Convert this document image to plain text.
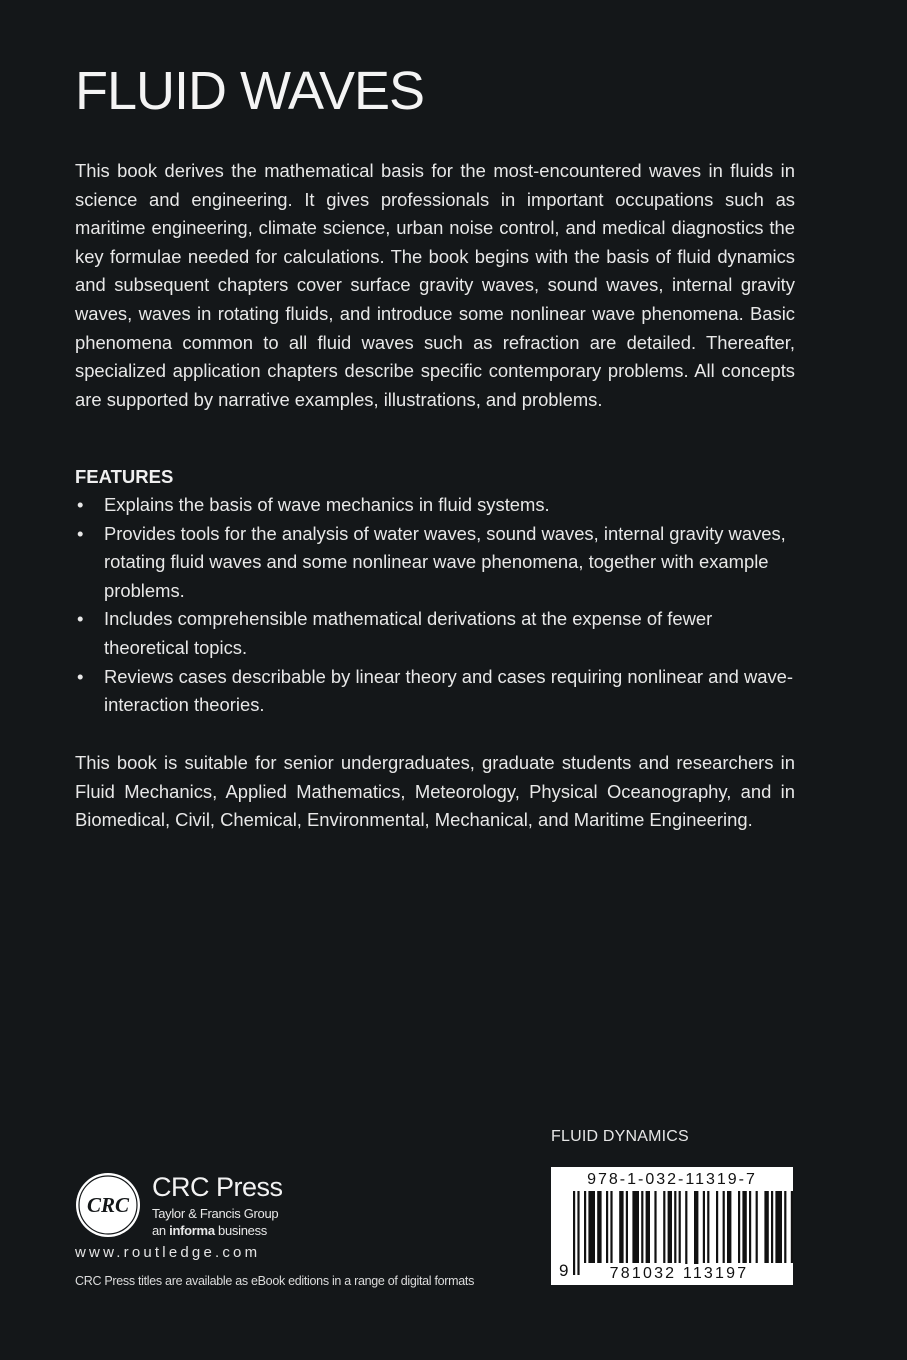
FLUID WAVES

This book derives the mathematical basis for the most-encountered waves in fluids in science and engineering. It gives professionals in important occupations such as maritime engineering, climate science, urban noise control, and medical diagnostics the key formulae needed for calculations. The book begins with the basis of fluid dynamics and subsequent chapters cover surface gravity waves, sound waves, internal gravity waves, waves in rotating fluids, and introduce some nonlinear wave phenomena. Basic phenomena common to all fluid waves such as refraction are detailed. Thereafter, specialized application chapters describe specific contemporary problems. All concepts are supported by narrative examples, illustrations, and problems.

FEATURES
• Explains the basis of wave mechanics in fluid systems.
• Provides tools for the analysis of water waves, sound waves, internal gravity waves, rotating fluid waves and some nonlinear wave phenomena, together with example problems.
• Includes comprehensible mathematical derivations at the expense of fewer theoretical topics.
• Reviews cases describable by linear theory and cases requiring nonlinear and wave-interaction theories.

This book is suitable for senior undergraduates, graduate students and researchers in Fluid Mechanics, Applied Mathematics, Meteorology, Physical Oceanography, and in Biomedical, Civil, Chemical, Environmental, Mechanical, and Maritime Engineering.

FLUID DYNAMICS
781032 113197
978-1-032-11319-7
9
CRC
CRC Press
Taylor & Francis Group
an informa business
www.routledge.com
CRC Press titles are available as eBook editions in a range of digital formats
